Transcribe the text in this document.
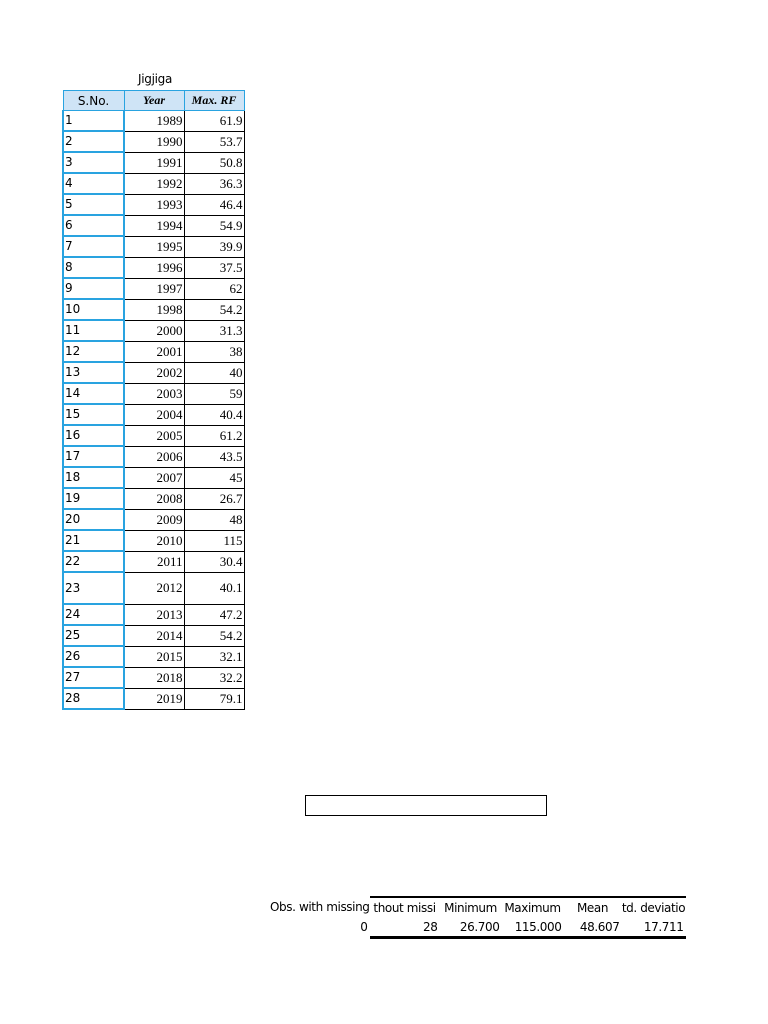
Jigjiga
S.No.	Year	Max. RF
1	1989	61.9
2	1990	53.7
3	1991	50.8
4	1992	36.3
5	1993	46.4
6	1994	54.9
7	1995	39.9
8	1996	37.5
9	1997	62
10	1998	54.2
11	2000	31.3
12	2001	38
13	2002	40
14	2003	59
15	2004	40.4
16	2005	61.2
17	2006	43.5
18	2007	45
19	2008	26.7
20	2009	48
21	2010	115
22	2011	30.4
23	2012	40.1
24	2013	47.2
25	2014	54.2
26	2015	32.1
27	2018	32.2
28	2019	79.1
Obs. with missing	thout missi	Minimum	Maximum	Mean	td. deviatio
0	28	26.700	115.000	48.607	17.711
